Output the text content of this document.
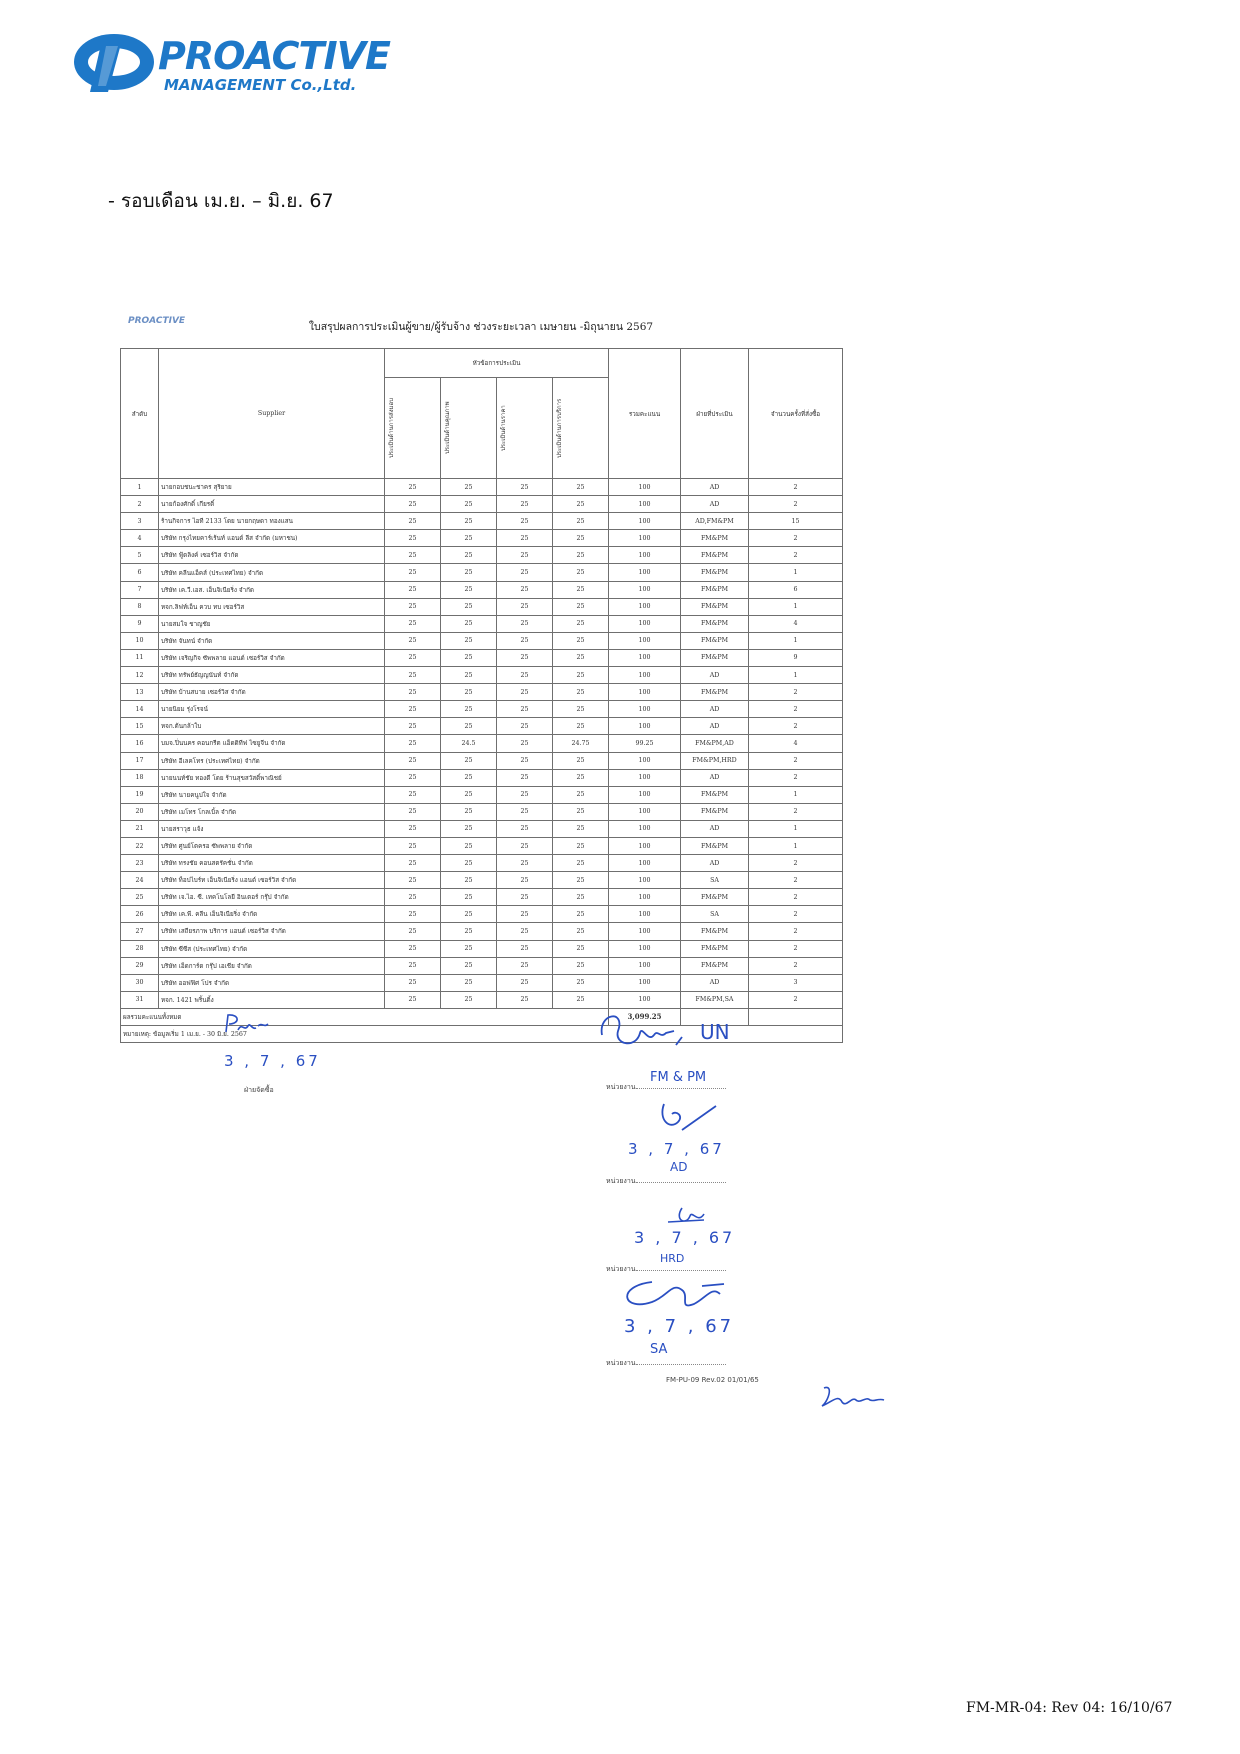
PROACTIVE
MANAGEMENT Co.,Ltd.
- รอบเดือน เม.ย. – มิ.ย. 67
PROACTIVE	ใบสรุปผลการประเมินผู้ขาย/ผู้รับจ้าง ช่วงระยะเวลา เมษายน -มิถุนายน 2567
ลำดับ	Supplier	หัวข้อการประเมิน				รวมคะแนน	ฝ่ายที่ประเมิน	จำนวนครั้งที่สั่งซื้อ

		ประเมินด้านการส่งมอบ	ประเมินด้านคุณภาพ	ประเมินด้านราคา	ประเมินด้านการบริการ			

1	นายกอบชนะชาคร สุริยาย	25	25	25	25	100	AD	2
2	นายก้องศักดิ์ เกียรติ์	25	25	25	25	100	AD	2
3	ร้านกิจการ ไอที 2133 โดย นายกฤษดา ทองแสน	25	25	25	25	100	AD,FM&PM	15
4	บริษัท กรุงไทยคาร์เร้นท์ แอนด์ ลีส จำกัด (มหาชน)	25	25	25	25	100	FM&PM	2
5	บริษัท ฟู้ดลิงค์ เซอร์วิส จำกัด	25	25	25	25	100	FM&PM	2
6	บริษัท คลีนแอ็คส์ (ประเทศไทย) จำกัด	25	25	25	25	100	FM&PM	1
7	บริษัท เค.วี.เอส. เอ็นจิเนียริ่ง จำกัด	25	25	25	25	100	FM&PM	6
8	หจก.ลิฟท์เอ็น ควบ ทบ เซอร์วิส	25	25	25	25	100	FM&PM	1
9	นายสมใจ ชาญชัย	25	25	25	25	100	FM&PM	4
10	บริษัท จันทน์ จำกัด	25	25	25	25	100	FM&PM	1
11	บริษัท เจริญกิจ ซัพพลาย แอนด์ เซอร์วิส จำกัด	25	25	25	25	100	FM&PM	9
12	บริษัท ทรัพย์ธัญญนันท์ จำกัด	25	25	25	25	100	AD	1
13	บริษัท บ้านสบาย เซอร์วิส จำกัด	25	25	25	25	100	FM&PM	2
14	นายนิยม รุ่งโรจน์	25	25	25	25	100	AD	2
15	หจก.ต้นกล้าใบ	25	25	25	25	100	AD	2
16	บมจ.ปิ่นนคร คอนกรีต แอ็ดดิทีฟ ไซยูจีน จำกัด	25	24.5	25	24.75	99.25	FM&PM,AD	4
17	บริษัท อีเลคโทร (ประเทศไทย) จำกัด	25	25	25	25	100	FM&PM,HRD	2
18	นายนนท์ชัย ทองดี โดย ร้านสุขสวัสดิ์พาณิชย์	25	25	25	25	100	AD	2
19	บริษัท นายคนูปใจ จำกัด	25	25	25	25	100	FM&PM	1
20	บริษัท เมโทร โกลเบิ้ล จำกัด	25	25	25	25	100	FM&PM	2
21	นายสราวุธ แจ้ง	25	25	25	25	100	AD	1
22	บริษัท ศูนย์โตครอ ซัพพลาย จำกัด	25	25	25	25	100	FM&PM	1
23	บริษัท ทรงชัย คอนสตรัคชั่น จำกัด	25	25	25	25	100	AD	2
24	บริษัท ท็อปไบร์ท เอ็นจิเนียริ่ง แอนด์ เซอร์วิส จำกัด	25	25	25	25	100	SA	2
25	บริษัท เจ.ไอ. ซี. เทคโนโลยี อินเตอร์ กรุ๊ป จำกัด	25	25	25	25	100	FM&PM	2
26	บริษัท เค.พี. คลีน เอ็นจิเนียริ่ง จำกัด	25	25	25	25	100	SA	2
27	บริษัท เสถียรภาพ บริการ แอนด์ เซอร์วิส จำกัด	25	25	25	25	100	FM&PM	2
28	บริษัท ซีซีส (ประเทศไทย) จำกัด	25	25	25	25	100	FM&PM	2
29	บริษัท เอ็ดการ์ด กรุ๊ป เอเชีย จำกัด	25	25	25	25	100	FM&PM	2
30	บริษัท ออฟฟิศ โปร จำกัด	25	25	25	25	100	AD	3
31	หจก. 1421 พริ้นติ้ง	25	25	25	25	100	FM&PM,SA	2
ผลรวมคะแนนทั้งหมด						3,099.25		
หมายเหตุ: ข้อมูลเริ่ม 1 เม.ย. - 30 มิ.ย. 2567								
3 , 7 , 67
ฝ่ายจัดซื้อ
UN
หน่วยงาน
FM & PM
3 , 7 , 67
AD
หน่วยงาน
3 , 7 , 67
HRD
หน่วยงาน
3 , 7 , 67
SA
หน่วยงาน
FM-PU-09 Rev.02 01/01/65
FM-MR-04: Rev 04: 16/10/67
